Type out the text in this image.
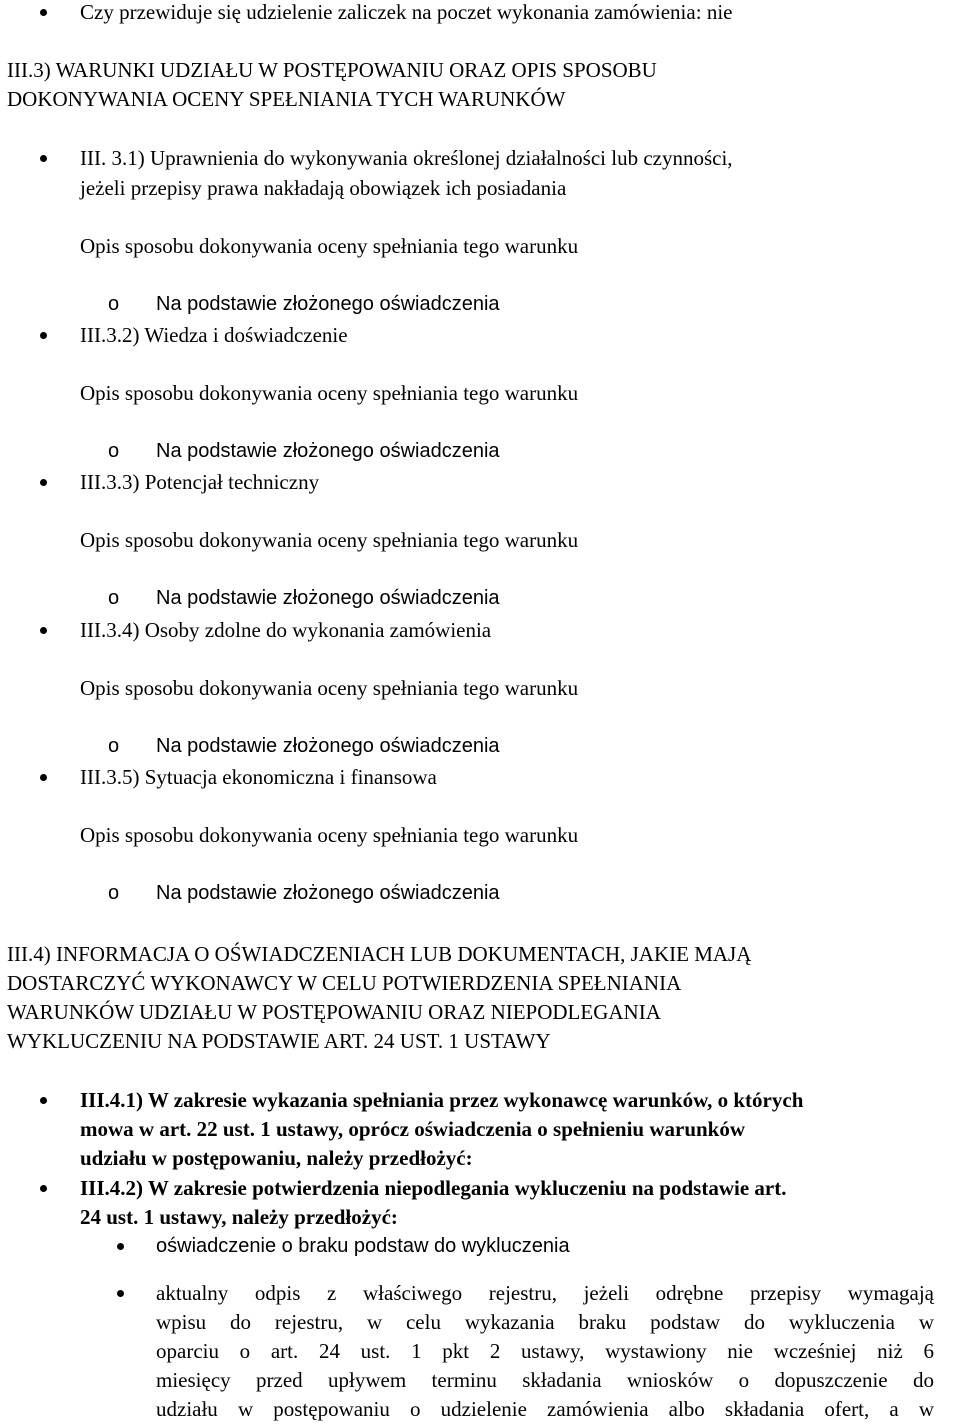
Czy przewiduje się udzielenie zaliczek na poczet wykonania zamówienia: nie

III.3) WARUNKI UDZIAŁU W POSTĘPOWANIU ORAZ OPIS SPOSOBU

DOKONYWANIA OCENY SPEŁNIANIA TYCH WARUNKÓW

III. 3.1) Uprawnienia do wykonywania określonej działalności lub czynności,

jeżeli przepisy prawa nakładają obowiązek ich posiadania

Opis sposobu dokonywania oceny spełniania tego warunku

o Na podstawie złożonego oświadczenia

III.3.2) Wiedza i doświadczenie

Opis sposobu dokonywania oceny spełniania tego warunku

o Na podstawie złożonego oświadczenia

III.3.3) Potencjał techniczny

Opis sposobu dokonywania oceny spełniania tego warunku

o Na podstawie złożonego oświadczenia

III.3.4) Osoby zdolne do wykonania zamówienia

Opis sposobu dokonywania oceny spełniania tego warunku

o Na podstawie złożonego oświadczenia

III.3.5) Sytuacja ekonomiczna i finansowa

Opis sposobu dokonywania oceny spełniania tego warunku

o Na podstawie złożonego oświadczenia

III.4) INFORMACJA O OŚWIADCZENIACH LUB DOKUMENTACH, JAKIE MAJĄ

DOSTARCZYĆ WYKONAWCY W CELU POTWIERDZENIA SPEŁNIANIA

WARUNKÓW UDZIAŁU W POSTĘPOWANIU ORAZ NIEPODLEGANIA

WYKLUCZENIU NA PODSTAWIE ART. 24 UST. 1 USTAWY

III.4.1) W zakresie wykazania spełniania przez wykonawcę warunków, o których

mowa w art. 22 ust. 1 ustawy, oprócz oświadczenia o spełnieniu warunków

udziału w postępowaniu, należy przedłożyć:

III.4.2) W zakresie potwierdzenia niepodlegania wykluczeniu na podstawie art.

24 ust. 1 ustawy, należy przedłożyć:

oświadczenie o braku podstaw do wykluczenia

aktualny odpis z właściwego rejestru, jeżeli odrębne przepisy wymagają

wpisu do rejestru, w celu wykazania braku podstaw do wykluczenia w

oparciu o art. 24 ust. 1 pkt 2 ustawy, wystawiony nie wcześniej niż 6

miesięcy przed upływem terminu składania wniosków o dopuszczenie do

udziału w postępowaniu o udzielenie zamówienia albo składania ofert, a w
